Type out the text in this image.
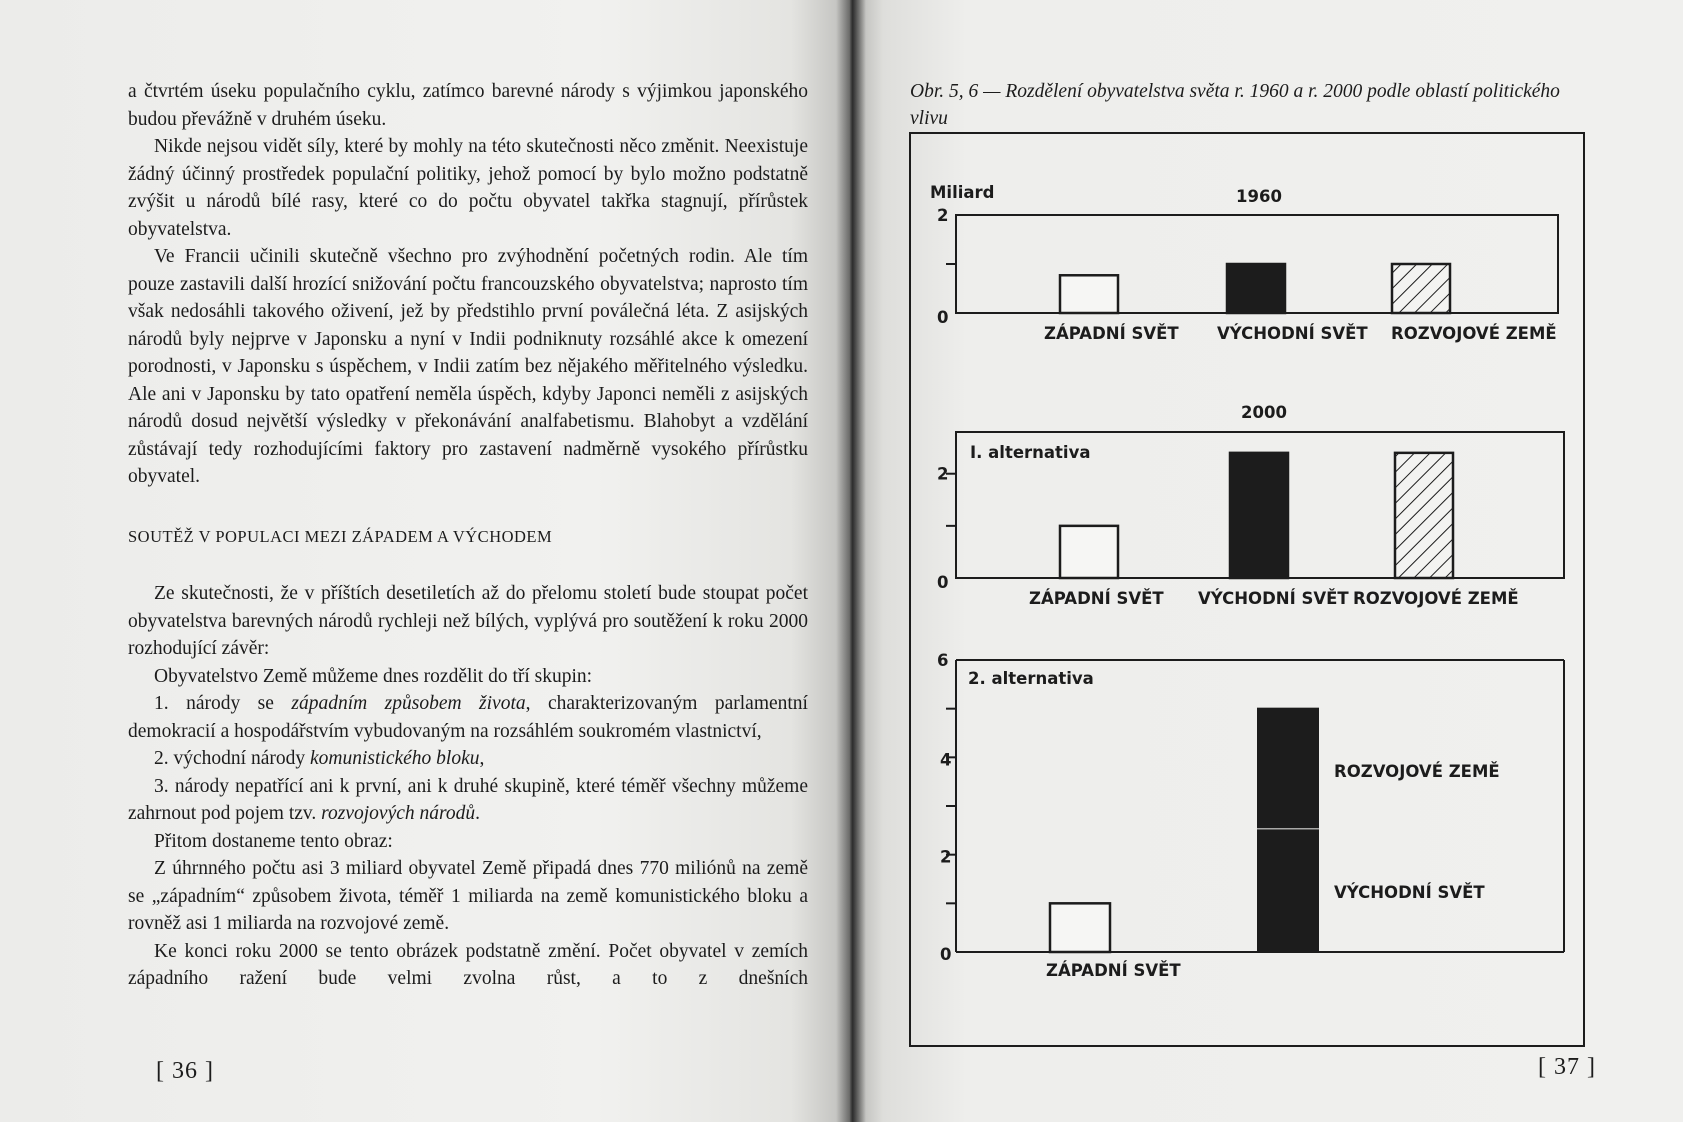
a čtvrtém úseku populačního cyklu, zatímco barevné národy s výjimkou japonského budou převážně v druhém úseku.

Nikde nejsou vidět síly, které by mohly na této skutečnosti něco změnit. Neexistuje žádný účinný prostředek populační politiky, jehož pomocí by bylo možno podstatně zvýšit u národů bílé rasy, které co do počtu obyvatel takřka stagnují, přírůstek obyvatelstva.

Ve Francii učinili skutečně všechno pro zvýhodnění početných rodin. Ale tím pouze zastavili další hrozící snižování počtu francouzského obyvatelstva; naprosto tím však nedosáhli takového oživení, jež by předstihlo první poválečná léta. Z asijských národů byly nejprve v Japonsku a nyní v Indii podniknuty rozsáhlé akce k omezení porodnosti, v Japonsku s úspěchem, v Indii zatím bez nějakého měřitelného výsledku. Ale ani v Japonsku by tato opatření neměla úspěch, kdyby Japonci neměli z asijských národů dosud největší výsledky v překonávání analfabetismu. Blahobyt a vzdělání zůstávají tedy rozhodujícími faktory pro zastavení nadměrně vysokého přírůstku obyvatel.

SOUTĚŽ V POPULACI MEZI ZÁPADEM A VÝCHODEM

Ze skutečnosti, že v příštích desetiletích až do přelomu století bude stoupat počet obyvatelstva barevných národů rychleji než bílých, vyplývá pro soutěžení k roku 2000 rozhodující závěr:

Obyvatelstvo Země můžeme dnes rozdělit do tří skupin:

1. národy se západním způsobem života, charakterizovaným parlamentní demokracií a hospodářstvím vybudovaným na rozsáhlém soukromém vlastnictví,

2. východní národy komunistického bloku,

3. národy nepatřící ani k první, ani k druhé skupině, které téměř všechny můžeme zahrnout pod pojem tzv. rozvojových národů.

Přitom dostaneme tento obraz:

Z úhrnného počtu asi 3 miliard obyvatel Země připadá dnes 770 miliónů na země se „západním“ způsobem života, téměř 1 miliarda na země komunistického bloku a rovněž asi 1 miliarda na rozvojové země.

Ke konci roku 2000 se tento obrázek podstatně změní. Počet obyvatel v zemích západního ražení bude velmi zvolna růst, a to z dnešních

[ 36 ]
Obr. 5, 6 — Rozdělení obyvatelstva světa r. 1960 a r. 2000 podle oblastí politického vlivu
[ 37 ]
Miliard	1960
2
0
ZÁPADNÍ SVĚT VÝCHODNÍ SVĚT ROZVOJOVÉ ZEMĚ
2000
I. alternativa
2
0
ZÁPADNÍ SVĚT VÝCHODNÍ SVĚT ROZVOJOVÉ ZEMĚ
6
2. alternativa
4
2
0
ROZVOJOVÉ ZEMĚ
VÝCHODNÍ SVĚT
ZÁPADNÍ SVĚT
